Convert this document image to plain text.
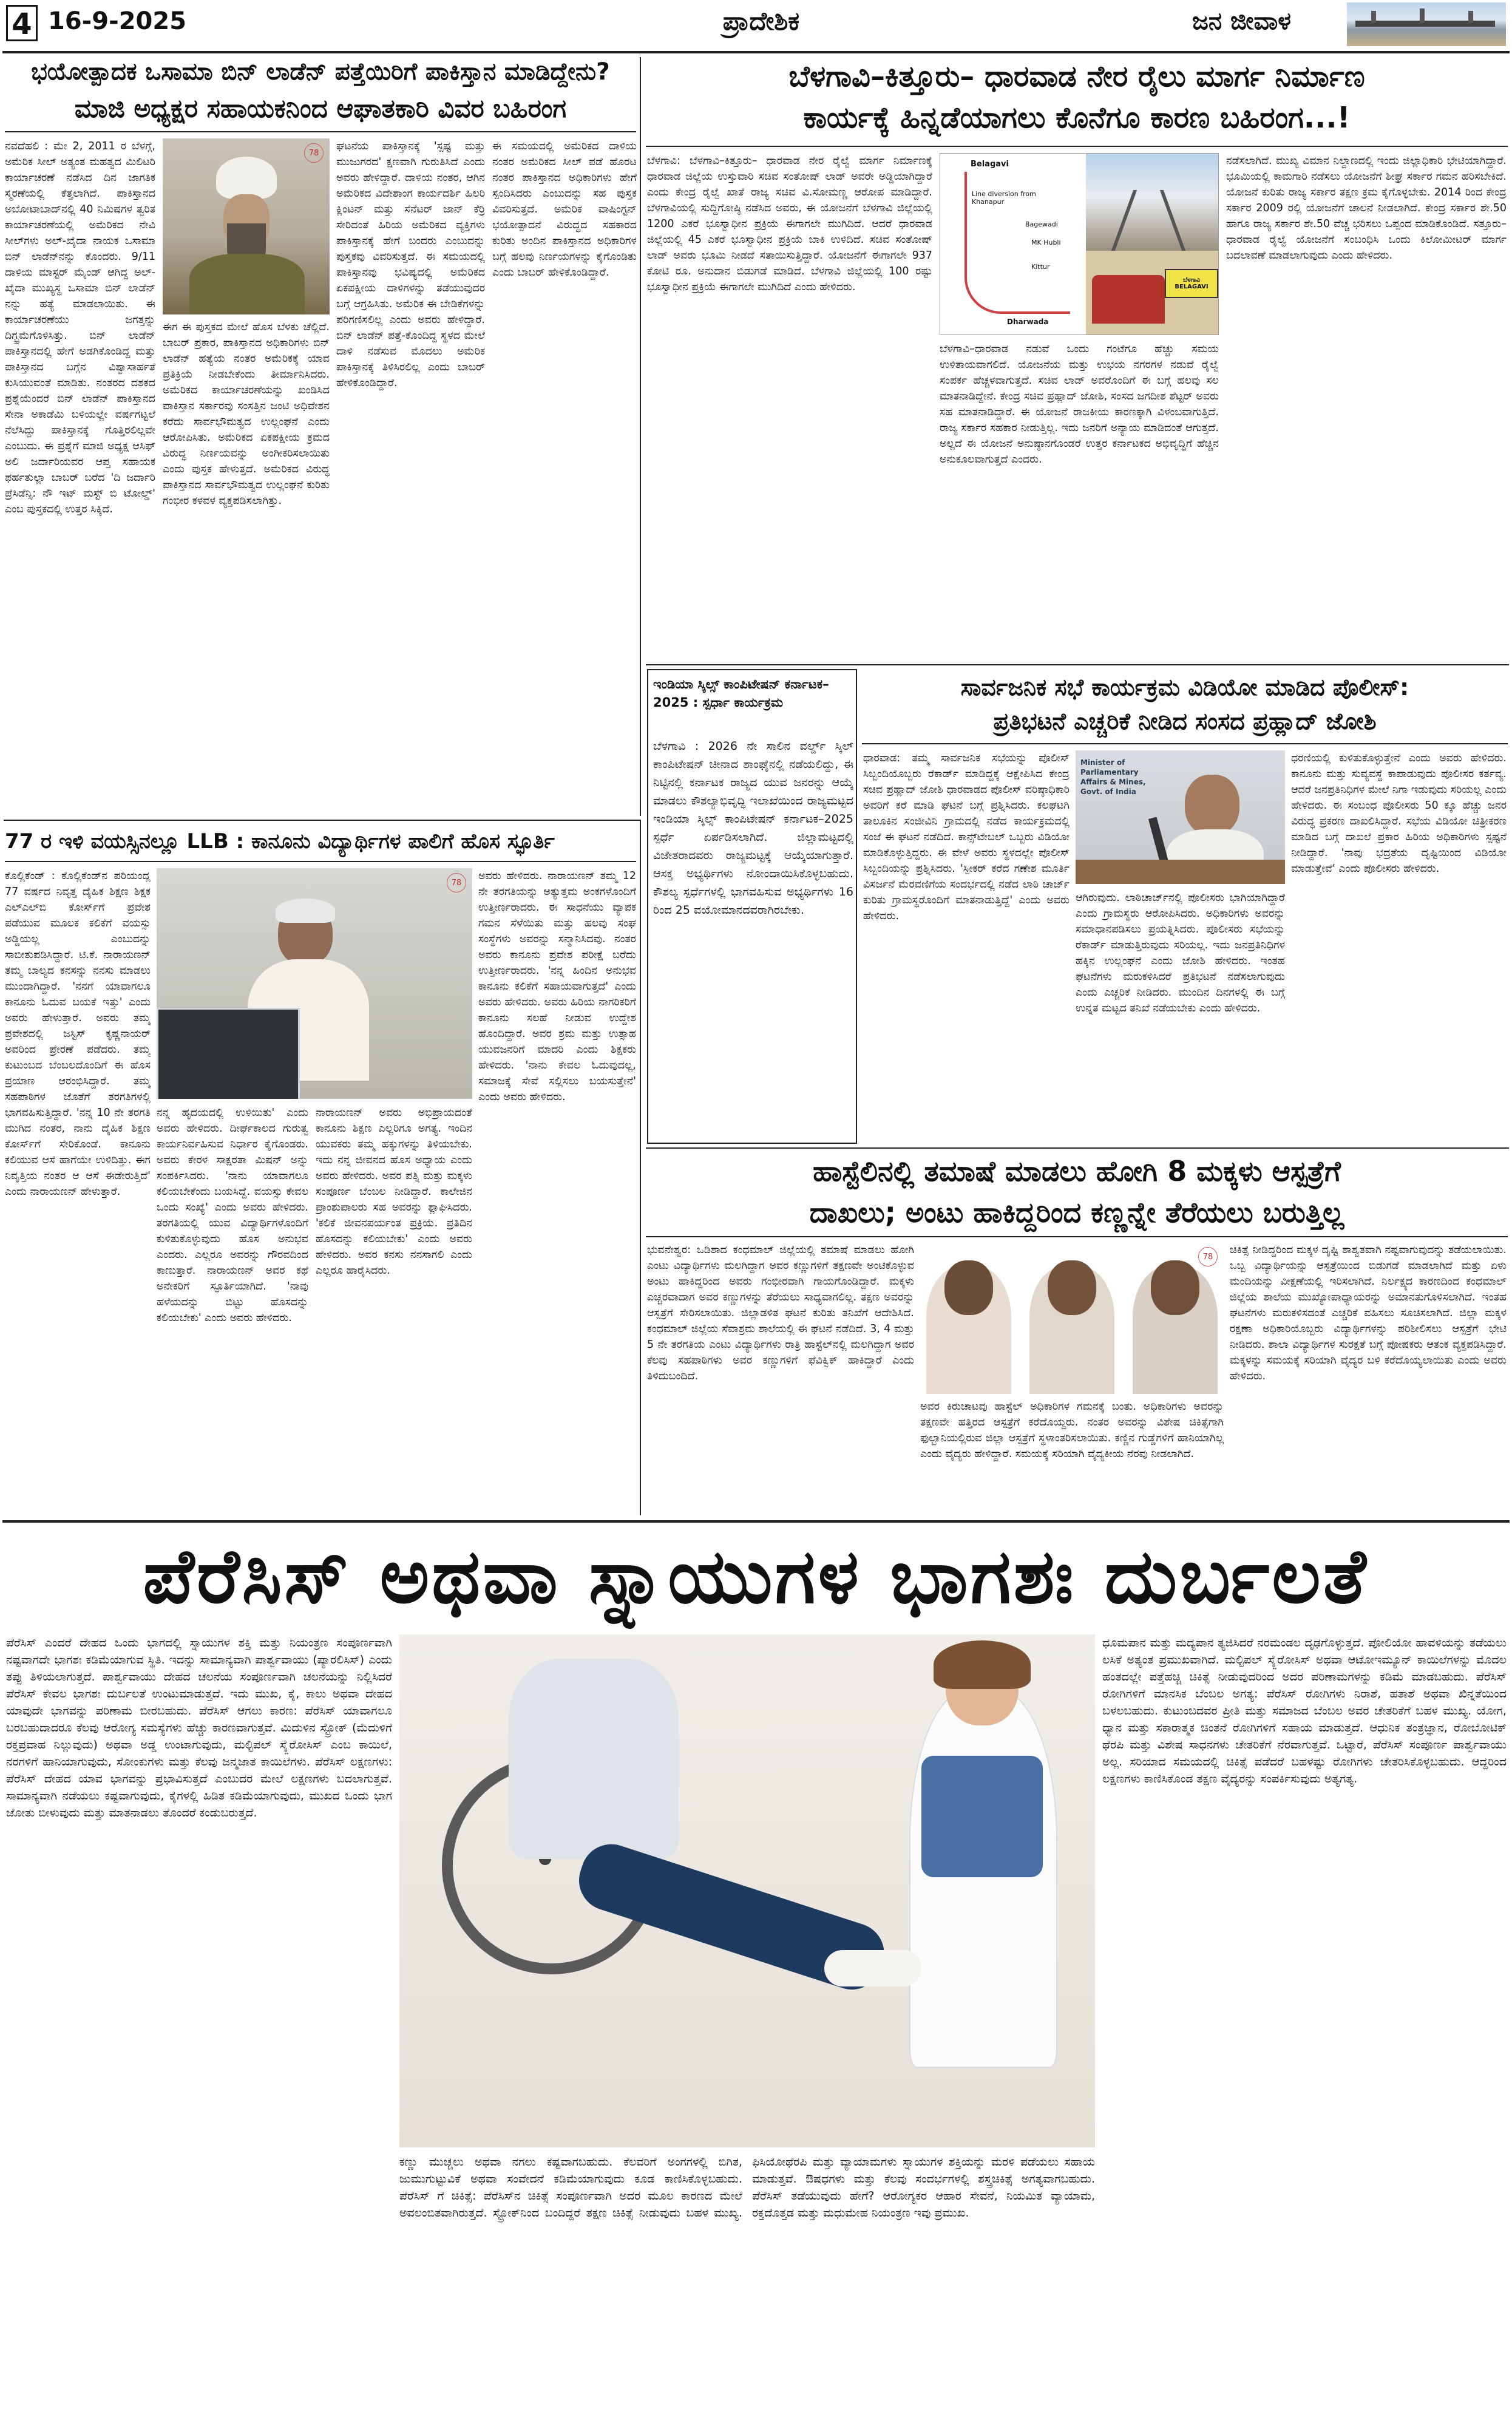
4 16-9-2025	ಪ್ರಾದೇಶಿಕ	ಜನ ಜೀವಾಳ
ಭಯೋತ್ಪಾದಕ ಒಸಾಮಾ ಬಿನ್ ಲಾಡೆನ್ ಪತ್ತೆಯಿರಿಗೆ ಪಾಕಿಸ್ತಾನ ಮಾಡಿದ್ದೇನು?
ಮಾಜಿ ಅಧ್ಯಕ್ಷರ ಸಹಾಯಕನಿಂದ ಆಘಾತಕಾರಿ ವಿವರ ಬಹಿರಂಗ
ನವದೆಹಲಿ : ಮೇ 2, 2011 ರ ಬೆಳಗ್ಗೆ, ಅಮೆರಿಕ ಸೀಲ್ ಅತ್ಯಂತ ಮಹತ್ವದ ಮಿಲಿಟರಿ ಕಾರ್ಯಾಚರಣೆ ನಡೆಸಿದ ದಿನ ಜಾಗತಿಕ ಸ್ಮರಣೆಯಲ್ಲಿ ಕೆತ್ತಲಾಗಿದೆ. ಪಾಕಿಸ್ತಾನದ ಅಬೋಟಾಬಾದ್‌ನಲ್ಲಿ 40 ನಿಮಿಷಗಳ ತ್ವರಿತ ಕಾರ್ಯಾಚರಣೆಯಲ್ಲಿ ಅಮೆರಿಕದ ನೇವಿ ಸೀಲ್‌ಗಳು ಅಲ್-ಖೈದಾ ನಾಯಕ ಒಸಾಮಾ ಬಿನ್ ಲಾಡೆನ್‌ನನ್ನು ಕೊಂದರು. 9/11 ದಾಳಿಯ ಮಾಸ್ಟರ್ ಮೈಂಡ್ ಆಗಿದ್ದ ಅಲ್-ಖೈದಾ ಮುಖ್ಯಸ್ಥ ಒಸಾಮಾ ಬಿನ್ ಲಾಡೆನ್ ನನ್ನು ಹತ್ಯೆ ಮಾಡಲಾಯಿತು. ಈ ಕಾರ್ಯಾಚರಣೆಯು ಜಗತ್ತನ್ನು ದಿಗ್ಭ್ರಮೆಗೊಳಿಸಿತ್ತು. ಬಿನ್ ಲಾಡೆನ್ ಪಾಕಿಸ್ತಾನದಲ್ಲಿ ಹೇಗೆ ಅಡಗಿಕೊಂಡಿದ್ದ ಮತ್ತು ಪಾಕಿಸ್ತಾನದ ಬಗ್ಗೆನ ವಿಶ್ವಾಸಾರ್ಹತೆ ಕುಸಿಯುವಂತೆ ಮಾಡಿತು. ನಂತರದ ದಶಕದ ಪ್ರಶ್ನೆಯೆಂದರೆ ಬಿನ್ ಲಾಡೆನ್ ಪಾಕಿಸ್ತಾನದ ಸೇನಾ ಅಕಾಡೆಮಿ ಬಳಿಯಲ್ಲೇ ವರ್ಷಗಟ್ಟಲೆ ನೆಲೆಸಿದ್ದು ಪಾಕಿಸ್ತಾನಕ್ಕೆ ಗೊತ್ತಿರಲಿಲ್ಲವೇ ಎಂಬುದು. ಈ ಪ್ರಶ್ನೆಗೆ ಮಾಜಿ ಅಧ್ಯಕ್ಷ ಆಸಿಫ್ ಅಲಿ ಜರ್ದಾರಿಯವರ ಆಪ್ತ ಸಹಾಯಕ ಫರ್ಹತುಲ್ಲಾ ಬಾಬರ್ ಬರೆದ 'ದಿ ಜರ್ದಾರಿ ಪ್ರೆಸಿಡೆನ್ಸಿ: ನೌ ಇಟ್ ಮಸ್ಟ್ ಬಿ ಟೋಲ್ಡ್' ಎಂಬ ಪುಸ್ತಕದಲ್ಲಿ ಉತ್ತರ ಸಿಕ್ಕಿದೆ.
78
ಘಟನೆಯ ಪಾಕಿಸ್ತಾನಕ್ಕೆ 'ಸ್ಪಷ್ಟ ಮತ್ತು ಮುಜುಗರದ' ಕ್ಷಣವಾಗಿ ಗುರುತಿಸಿದೆ ಎಂದು ಅವರು ಹೇಳಿದ್ದಾರೆ. ದಾಳಿಯ ನಂತರ, ಆಗಿನ ಅಮೆರಿಕದ ವಿದೇಶಾಂಗ ಕಾರ್ಯದರ್ಶಿ ಹಿಲರಿ ಕ್ಲಿಂಟನ್ ಮತ್ತು ಸೆನೆಟರ್ ಜಾನ್ ಕೆರ್ರಿ ಸೇರಿದಂತೆ ಹಿರಿಯ ಅಮೆರಿಕದ ವ್ಯಕ್ತಿಗಳು ಪಾಕಿಸ್ತಾನಕ್ಕೆ ಹೇಗೆ ಬಂದರು ಎಂಬುದನ್ನು ಪುಸ್ತಕವು ವಿವರಿಸುತ್ತದೆ. ಈ ಸಮಯದಲ್ಲಿ ಪಾಕಿಸ್ತಾನವು ಭವಿಷ್ಯದಲ್ಲಿ ಅಮೆರಿಕದ ಏಕಪಕ್ಷೀಯ ದಾಳಿಗಳನ್ನು ತಡೆಯುವುದರ ಬಗ್ಗೆ ಆಗ್ರಹಿಸಿತು. ಅಮೆರಿಕ ಈ ಬೇಡಿಕೆಗಳನ್ನು ಪರಿಗಣಿಸಲಿಲ್ಲ ಎಂದು ಅವರು ಹೇಳಿದ್ದಾರೆ. ಬಿನ್ ಲಾಡೆನ್ ಪತ್ತೆ-ಕೊಂದಿದ್ದ ಸ್ಥಳದ ಮೇಲೆ ದಾಳಿ ನಡೆಸುವ ಮೊದಲು ಅಮೆರಿಕ ಪಾಕಿಸ್ತಾನಕ್ಕೆ ತಿಳಿಸಿರಲಿಲ್ಲ ಎಂದು ಬಾಬರ್ ಹೇಳಿಕೊಂಡಿದ್ದಾರೆ.
ಈಗ ಈ ಪುಸ್ತಕದ ಮೇಲೆ ಹೊಸ ಬೆಳಕು ಚೆಲ್ಲಿದೆ. ಬಾಬರ್ ಪ್ರಕಾರ, ಪಾಕಿಸ್ತಾನದ ಅಧಿಕಾರಿಗಳು ಬಿನ್ ಲಾಡೆನ್ ಹತ್ಯೆಯ ನಂತರ ಅಮೆರಿಕಕ್ಕೆ ಯಾವ ಪ್ರತಿಕ್ರಿಯೆ ನೀಡಬೇಕೆಂದು ತೀರ್ಮಾನಿಸಿದರು. ಅಮೆರಿಕದ ಕಾರ್ಯಾಚರಣೆಯನ್ನು ಖಂಡಿಸಿದ ಪಾಕಿಸ್ತಾನ ಸರ್ಕಾರವು ಸಂಸತ್ತಿನ ಜಂಟಿ ಅಧಿವೇಶನ ಕರೆದು ಸಾರ್ವಭೌಮತ್ವದ ಉಲ್ಲಂಘನೆ ಎಂದು ಆರೋಪಿಸಿತು. ಅಮೆರಿಕದ ಏಕಪಕ್ಷೀಯ ಕ್ರಮದ ವಿರುದ್ಧ ನಿರ್ಣಯವನ್ನು ಅಂಗೀಕರಿಸಲಾಯಿತು ಎಂದು ಪುಸ್ತಕ ಹೇಳುತ್ತದೆ. ಅಮೆರಿಕದ ವಿರುದ್ಧ ಪಾಕಿಸ್ತಾನದ ಸಾರ್ವಭೌಮತ್ವದ ಉಲ್ಲಂಘನೆ ಕುರಿತು ಗಂಭೀರ ಕಳವಳ ವ್ಯಕ್ತಪಡಿಸಲಾಗಿತ್ತು.
ಈ ಸಮಯದಲ್ಲಿ ಅಮೆರಿಕದ ದಾಳಿಯ ನಂತರ ಅಮೆರಿಕದ ಸೀಲ್ ಪಡೆ ಹೊರಟ ನಂತರ ಪಾಕಿಸ್ತಾನದ ಅಧಿಕಾರಿಗಳು ಹೇಗೆ ಸ್ಪಂದಿಸಿದರು ಎಂಬುದನ್ನು ಸಹ ಪುಸ್ತಕ ವಿವರಿಸುತ್ತದೆ. ಅಮೆರಿಕ ವಾಷಿಂಗ್ಟನ್ ಭಯೋತ್ಪಾದನೆ ವಿರುದ್ಧದ ಸಹಕಾರದ ಕುರಿತು ಅಂದಿನ ಪಾಕಿಸ್ತಾನದ ಅಧಿಕಾರಿಗಳ ಬಗ್ಗೆ ಹಲವು ನಿರ್ಣಯಗಳನ್ನು ಕೈಗೊಂಡಿತು ಎಂದು ಬಾಬರ್ ಹೇಳಿಕೊಂಡಿದ್ದಾರೆ.
ಬೆಳಗಾವಿ–ಕಿತ್ತೂರು– ಧಾರವಾಡ ನೇರ ರೈಲು ಮಾರ್ಗ ನಿರ್ಮಾಣ
ಕಾರ್ಯಕ್ಕೆ ಹಿನ್ನಡೆಯಾಗಲು ಕೊನೆಗೂ ಕಾರಣ ಬಹಿರಂಗ...!
ಬೆಳಗಾವಿ: ಬೆಳಗಾವಿ–ಕಿತ್ತೂರು– ಧಾರವಾಡ ನೇರ ರೈಲ್ವೆ ಮಾರ್ಗ ನಿರ್ಮಾಣಕ್ಕೆ ಧಾರವಾಡ ಜಿಲ್ಲೆಯ ಉಸ್ತುವಾರಿ ಸಚಿವ ಸಂತೋಷ್ ಲಾಡ್ ಅವರೇ ಅಡ್ಡಿಯಾಗಿದ್ದಾರೆ ಎಂದು ಕೇಂದ್ರ ರೈಲ್ವೆ ಖಾತೆ ರಾಜ್ಯ ಸಚಿವ ವಿ.ಸೋಮಣ್ಣ ಆರೋಪ ಮಾಡಿದ್ದಾರೆ. ಬೆಳಗಾವಿಯಲ್ಲಿ ಸುದ್ದಿಗೋಷ್ಠಿ ನಡೆಸಿದ ಅವರು, ಈ ಯೋಜನೆಗೆ ಬೆಳಗಾವಿ ಜಿಲ್ಲೆಯಲ್ಲಿ 1200 ಎಕರೆ ಭೂಸ್ವಾಧೀನ ಪ್ರಕ್ರಿಯೆ ಈಗಾಗಲೇ ಮುಗಿದಿದೆ. ಆದರೆ ಧಾರವಾಡ ಜಿಲ್ಲೆಯಲ್ಲಿ 45 ಎಕರೆ ಭೂಸ್ವಾಧೀನ ಪ್ರಕ್ರಿಯೆ ಬಾಕಿ ಉಳಿದಿದೆ. ಸಚಿವ ಸಂತೋಷ್ ಲಾಡ್ ಅವರು ಭೂಮಿ ನೀಡದೆ ಸತಾಯಿಸುತ್ತಿದ್ದಾರೆ. ಯೋಜನೆಗೆ ಈಗಾಗಲೇ 937 ಕೋಟಿ ರೂ. ಅನುದಾನ ಬಿಡುಗಡೆ ಮಾಡಿದೆ. ಬೆಳಗಾವಿ ಜಿಲ್ಲೆಯಲ್ಲಿ 100 ರಷ್ಟು ಭೂಸ್ವಾಧೀನ ಪ್ರಕ್ರಿಯೆ ಈಗಾಗಲೇ ಮುಗಿದಿದೆ ಎಂದು ಹೇಳಿದರು.
Belagavi
Line diversion from Khanapur
Bagewadi
MK Hubli
Kittur
Dharwada
ಬೆಳಗಾವಿ BELAGAVI
ಬೆಳಗಾವಿ–ಧಾರವಾಡ ನಡುವೆ ಒಂದು ಗಂಟೆಗೂ ಹೆಚ್ಚು ಸಮಯ ಉಳಿತಾಯವಾಗಲಿದೆ. ಯೋಜನೆಯ ಮತ್ತು ಉಭಯ ನಗರಗಳ ನಡುವೆ ರೈಲ್ವೆ ಸಂಪರ್ಕ ಹೆಚ್ಚಳವಾಗುತ್ತದೆ. ಸಚಿವ ಲಾಡ್ ಅವರೊಂದಿಗೆ ಈ ಬಗ್ಗೆ ಹಲವು ಸಲ ಮಾತನಾಡಿದ್ದೇನೆ. ಕೇಂದ್ರ ಸಚಿವ ಪ್ರಹ್ಲಾದ್ ಜೋಶಿ, ಸಂಸದ ಜಗದೀಶ ಶೆಟ್ಟರ್ ಅವರು ಸಹ ಮಾತನಾಡಿದ್ದಾರೆ. ಈ ಯೋಜನೆ ರಾಜಕೀಯ ಕಾರಣಕ್ಕಾಗಿ ವಿಳಂಬವಾಗುತ್ತಿದೆ. ರಾಜ್ಯ ಸರ್ಕಾರ ಸಹಕಾರ ನೀಡುತ್ತಿಲ್ಲ. ಇದು ಜನರಿಗೆ ಅನ್ಯಾಯ ಮಾಡಿದಂತೆ ಆಗುತ್ತದೆ. ಅಲ್ಲದೆ ಈ ಯೋಜನೆ ಅನುಷ್ಠಾನಗೊಂಡರೆ ಉತ್ತರ ಕರ್ನಾಟಕದ ಅಭಿವೃದ್ಧಿಗೆ ಹೆಚ್ಚಿನ ಅನುಕೂಲವಾಗುತ್ತದೆ ಎಂದರು.
ನಡೆಸಲಾಗಿದೆ. ಮುಖ್ಯ ವಿಮಾನ ನಿಲ್ದಾಣದಲ್ಲಿ ಇಂದು ಜಿಲ್ಲಾಧಿಕಾರಿ ಭೇಟಿಯಾಗಿದ್ದಾರೆ. ಭೂಮಿಯಲ್ಲಿ ಕಾಮಗಾರಿ ನಡೆಸಲು ಯೋಜನೆಗೆ ಶೀಘ್ರ ಸರ್ಕಾರ ಗಮನ ಹರಿಸಬೇಕಿದೆ. ಯೋಜನೆ ಕುರಿತು ರಾಜ್ಯ ಸರ್ಕಾರ ತಕ್ಷಣ ಕ್ರಮ ಕೈಗೊಳ್ಳಬೇಕು. 2014 ರಿಂದ ಕೇಂದ್ರ ಸರ್ಕಾರ 2009 ರಲ್ಲಿ ಯೋಜನೆಗೆ ಚಾಲನೆ ನೀಡಲಾಗಿದೆ. ಕೇಂದ್ರ ಸರ್ಕಾರ ಶೇ.50 ಹಾಗೂ ರಾಜ್ಯ ಸರ್ಕಾರ ಶೇ.50 ವೆಚ್ಚ ಭರಿಸಲು ಒಪ್ಪಂದ ಮಾಡಿಕೊಂಡಿದೆ. ಸತ್ತೂರು–ಧಾರವಾಡ ರೈಲ್ವೆ ಯೋಜನೆಗೆ ಸಂಬಂಧಿಸಿ ಒಂದು ಕಿಲೋಮೀಟರ್ ಮಾರ್ಗ ಬದಲಾವಣೆ ಮಾಡಲಾಗುವುದು ಎಂದು ಹೇಳಿದರು.
77 ರ ಇಳಿ ವಯಸ್ಸಿನಲ್ಲೂ LLB : ಕಾನೂನು ವಿದ್ಯಾರ್ಥಿಗಳ ಪಾಲಿಗೆ ಹೊಸ ಸ್ಫೂರ್ತಿ
ಕೊಲ್ಲಿಕೆಂಡ್ : ಕೊಲ್ಲಿಕೆಂಡ್‌ನ ಪರಿಯಂದ್ಲ 77 ವರ್ಷದ ನಿವೃತ್ತ ದೈಹಿಕ ಶಿಕ್ಷಣ ಶಿಕ್ಷಕ ಎಲ್‌ಎಲ್‌ಬಿ ಕೋರ್ಸ್‌ಗೆ ಪ್ರವೇಶ ಪಡೆಯುವ ಮೂಲಕ ಕಲಿಕೆಗೆ ವಯಸ್ಸು ಅಡ್ಡಿಯಲ್ಲ ಎಂಬುದನ್ನು ಸಾಬೀತುಪಡಿಸಿದ್ದಾರೆ. ಟಿ.ಕೆ. ನಾರಾಯಣನ್ ತಮ್ಮ ಬಾಲ್ಯದ ಕನಸನ್ನು ನನಸು ಮಾಡಲು ಮುಂದಾಗಿದ್ದಾರೆ. 'ನನಗೆ ಯಾವಾಗಲೂ ಕಾನೂನು ಓದುವ ಬಯಕೆ ಇತ್ತು' ಎಂದು ಅವರು ಹೇಳುತ್ತಾರೆ. ಅವರು ತಮ್ಮ ಪ್ರವೇಶದಲ್ಲಿ ಜಸ್ಟಿಸ್ ಕೃಷ್ಣನಾಯರ್ ಅವರಿಂದ ಪ್ರೇರಣೆ ಪಡೆದರು. ತಮ್ಮ ಕುಟುಂಬದ ಬೆಂಬಲದೊಂದಿಗೆ ಈ ಹೊಸ ಪ್ರಯಾಣ ಆರಂಭಿಸಿದ್ದಾರೆ. ತಮ್ಮ ಸಹಪಾಠಿಗಳ ಜೊತೆಗೆ ತರಗತಿಗಳಲ್ಲಿ ಭಾಗವಹಿಸುತ್ತಿದ್ದಾರೆ. 'ನನ್ನ 10 ನೇ ತರಗತಿ ಮುಗಿದ ನಂತರ, ನಾನು ದೈಹಿಕ ಶಿಕ್ಷಣ ಕೋರ್ಸ್‌ಗೆ ಸೇರಿಕೊಂಡೆ. ಕಾನೂನು ಕಲಿಯುವ ಆಸೆ ಹಾಗೆಯೇ ಉಳಿದಿತ್ತು. ಈಗ ನಿವೃತ್ತಿಯ ನಂತರ ಆ ಆಸೆ ಈಡೇರುತ್ತಿದೆ' ಎಂದು ನಾರಾಯಣನ್ ಹೇಳುತ್ತಾರೆ.
78
ನನ್ನ ಹೃದಯದಲ್ಲಿ ಉಳಿಯಿತು' ಎಂದು ಅವರು ಹೇಳಿದರು. ದೀರ್ಘಕಾಲದ ಗುರುತ್ವ ಕಾರ್ಯನಿರ್ವಹಿಸುವ ನಿರ್ಧಾರ ಕೈಗೊಂಡರು. ಅವರು ಕೇರಳ ಸಾಕ್ಷರತಾ ಮಿಷನ್ ಅನ್ನು ಸಂಪರ್ಕಿಸಿದರು. 'ನಾನು ಯಾವಾಗಲೂ ಕಲಿಯಬೇಕೆಂದು ಬಯಸಿದ್ದೆ. ವಯಸ್ಸು ಕೇವಲ ಒಂದು ಸಂಖ್ಯೆ' ಎಂದು ಅವರು ಹೇಳಿದರು. ತರಗತಿಯಲ್ಲಿ ಯುವ ವಿದ್ಯಾರ್ಥಿಗಳೊಂದಿಗೆ ಕುಳಿತುಕೊಳ್ಳುವುದು ಹೊಸ ಅನುಭವ ಎಂದರು. ಎಲ್ಲರೂ ಅವರನ್ನು ಗೌರವದಿಂದ ಕಾಣುತ್ತಾರೆ. ನಾರಾಯಣನ್ ಅವರ ಕಥೆ ಅನೇಕರಿಗೆ ಸ್ಫೂರ್ತಿಯಾಗಿದೆ. 'ನಾವು ಹಳೆಯದನ್ನು ಬಿಟ್ಟು ಹೊಸದನ್ನು ಕಲಿಯಬೇಕು' ಎಂದು ಅವರು ಹೇಳಿದರು.
ಅವರು ಹೇಳಿದರು. ನಾರಾಯಣನ್ ತಮ್ಮ 12 ನೇ ತರಗತಿಯನ್ನು ಅತ್ಯುತ್ತಮ ಅಂಕಗಳೊಂದಿಗೆ ಉತ್ತೀರ್ಣರಾದರು. ಈ ಸಾಧನೆಯು ವ್ಯಾಪಕ ಗಮನ ಸೆಳೆಯಿತು ಮತ್ತು ಹಲವು ಸಂಘ ಸಂಸ್ಥೆಗಳು ಅವರನ್ನು ಸನ್ಮಾನಿಸಿದವು. ನಂತರ ಅವರು ಕಾನೂನು ಪ್ರವೇಶ ಪರೀಕ್ಷೆ ಬರೆದು ಉತ್ತೀರ್ಣರಾದರು. 'ನನ್ನ ಹಿಂದಿನ ಅನುಭವ ಕಾನೂನು ಕಲಿಕೆಗೆ ಸಹಾಯವಾಗುತ್ತದೆ' ಎಂದು ಅವರು ಹೇಳಿದರು. ಅವರು ಹಿರಿಯ ನಾಗರಿಕರಿಗೆ ಕಾನೂನು ಸಲಹೆ ನೀಡುವ ಉದ್ದೇಶ ಹೊಂದಿದ್ದಾರೆ. ಅವರ ಶ್ರಮ ಮತ್ತು ಉತ್ಸಾಹ ಯುವಜನರಿಗೆ ಮಾದರಿ ಎಂದು ಶಿಕ್ಷಕರು ಹೇಳಿದರು. 'ನಾನು ಕೇವಲ ಓದುವುದಲ್ಲ, ಸಮಾಜಕ್ಕೆ ಸೇವೆ ಸಲ್ಲಿಸಲು ಬಯಸುತ್ತೇನೆ' ಎಂದು ಅವರು ಹೇಳಿದರು.
ನಾರಾಯಣನ್ ಅವರು ಅಭಿಪ್ರಾಯದಂತೆ ಕಾನೂನು ಶಿಕ್ಷಣ ಎಲ್ಲರಿಗೂ ಅಗತ್ಯ. ಇಂದಿನ ಯುವಕರು ತಮ್ಮ ಹಕ್ಕುಗಳನ್ನು ತಿಳಿಯಬೇಕು. ಇದು ನನ್ನ ಜೀವನದ ಹೊಸ ಅಧ್ಯಾಯ ಎಂದು ಅವರು ಹೇಳಿದರು. ಅವರ ಪತ್ನಿ ಮತ್ತು ಮಕ್ಕಳು ಸಂಪೂರ್ಣ ಬೆಂಬಲ ನೀಡಿದ್ದಾರೆ. ಕಾಲೇಜಿನ ಪ್ರಾಂಶುಪಾಲರು ಸಹ ಅವರನ್ನು ಶ್ಲಾಘಿಸಿದರು. 'ಕಲಿಕೆ ಜೀವನಪರ್ಯಂತ ಪ್ರಕ್ರಿಯೆ. ಪ್ರತಿದಿನ ಹೊಸದನ್ನು ಕಲಿಯಬೇಕು' ಎಂದು ಅವರು ಹೇಳಿದರು. ಅವರ ಕನಸು ನನಸಾಗಲಿ ಎಂದು ಎಲ್ಲರೂ ಹಾರೈಸಿದರು.
ಇಂಡಿಯಾ ಸ್ಕಿಲ್ಸ್ ಕಾಂಪಿಟೇಷನ್ ಕರ್ನಾಟಕ–2025 : ಸ್ಪರ್ಧಾ ಕಾರ್ಯಕ್ರಮ
ಬೆಳಗಾವಿ : 2026 ನೇ ಸಾಲಿನ ವರ್ಲ್ಡ್ ಸ್ಕಿಲ್ ಕಾಂಪಿಟೇಷನ್ ಚೀನಾದ ಶಾಂಘೈನಲ್ಲಿ ನಡೆಯಲಿದ್ದು, ಈ ನಿಟ್ಟಿನಲ್ಲಿ ಕರ್ನಾಟಕ ರಾಜ್ಯದ ಯುವ ಜನರನ್ನು ಆಯ್ಕೆ ಮಾಡಲು ಕೌಶಲ್ಯಾಭಿವೃದ್ಧಿ ಇಲಾಖೆಯಿಂದ ರಾಜ್ಯಮಟ್ಟದ ಇಂಡಿಯಾ ಸ್ಕಿಲ್ಸ್ ಕಾಂಪಿಟೇಷನ್ ಕರ್ನಾಟಕ–2025 ಸ್ಪರ್ಧೆ ಏರ್ಪಡಿಸಲಾಗಿದೆ. ಜಿಲ್ಲಾಮಟ್ಟದಲ್ಲಿ ವಿಜೇತರಾದವರು ರಾಜ್ಯಮಟ್ಟಕ್ಕೆ ಆಯ್ಕೆಯಾಗುತ್ತಾರೆ. ಆಸಕ್ತ ಅಭ್ಯರ್ಥಿಗಳು ನೋಂದಾಯಿಸಿಕೊಳ್ಳಬಹುದು. ಕೌಶಲ್ಯ ಸ್ಪರ್ಧೆಗಳಲ್ಲಿ ಭಾಗವಹಿಸುವ ಅಭ್ಯರ್ಥಿಗಳು 16 ರಿಂದ 25 ವಯೋಮಾನದವರಾಗಿರಬೇಕು.
ಸಾರ್ವಜನಿಕ ಸಭೆ ಕಾರ್ಯಕ್ರಮ ವಿಡಿಯೋ ಮಾಡಿದ ಪೊಲೀಸ್:
ಪ್ರತಿಭಟನೆ ಎಚ್ಚರಿಕೆ ನೀಡಿದ ಸಂಸದ ಪ್ರಹ್ಲಾದ್ ಜೋಶಿ
ಧಾರವಾಡ: ತಮ್ಮ ಸಾರ್ವಜನಿಕ ಸಭೆಯನ್ನು ಪೊಲೀಸ್ ಸಿಬ್ಬಂದಿಯೊಬ್ಬರು ರೆಕಾರ್ಡ್ ಮಾಡಿದ್ದಕ್ಕೆ ಆಕ್ಷೇಪಿಸಿದ ಕೇಂದ್ರ ಸಚಿವ ಪ್ರಹ್ಲಾದ್ ಜೋಶಿ ಧಾರವಾಡದ ಪೊಲೀಸ್ ವರಿಷ್ಠಾಧಿಕಾರಿ ಅವರಿಗೆ ಕರೆ ಮಾಡಿ ಘಟನೆ ಬಗ್ಗೆ ಪ್ರಶ್ನಿಸಿದರು. ಕಲಘಟಗಿ ತಾಲೂಕಿನ ಸಂಜೀವಿನಿ ಗ್ರಾಮದಲ್ಲಿ ನಡೆದ ಕಾರ್ಯಕ್ರಮದಲ್ಲಿ ಸಂಜೆ ಈ ಘಟನೆ ನಡೆದಿದೆ. ಕಾನ್ಸ್‌ಟೇಬಲ್ ಒಬ್ಬರು ವಿಡಿಯೋ ಮಾಡಿಕೊಳ್ಳುತ್ತಿದ್ದರು. ಈ ವೇಳೆ ಅವರು ಸ್ಥಳದಲ್ಲೇ ಪೊಲೀಸ್ ಸಿಬ್ಬಂದಿಯನ್ನು ಪ್ರಶ್ನಿಸಿದರು. 'ಸ್ಪೀಕರ್ ಕರೆದ ಗಣೇಶ ಮೂರ್ತಿ ವಿಸರ್ಜನೆ ಮೆರವಣಿಗೆಯ ಸಂದರ್ಭದಲ್ಲಿ ನಡೆದ ಲಾಠಿ ಚಾರ್ಜ್ ಕುರಿತು ಗ್ರಾಮಸ್ಥರೊಂದಿಗೆ ಮಾತನಾಡುತ್ತಿದ್ದೆ' ಎಂದು ಅವರು ಹೇಳಿದರು.
Minister of Parliamentary Affairs & Mines, Govt. of India
ಆಗಿರುವುದು. ಲಾಠಿಚಾರ್ಜ್‌ನಲ್ಲಿ ಪೊಲೀಸರು ಭಾಗಿಯಾಗಿದ್ದಾರೆ ಎಂದು ಗ್ರಾಮಸ್ಥರು ಆರೋಪಿಸಿದರು. ಅಧಿಕಾರಿಗಳು ಅವರನ್ನು ಸಮಾಧಾನಪಡಿಸಲು ಪ್ರಯತ್ನಿಸಿದರು. ಪೊಲೀಸರು ಸಭೆಯನ್ನು ರೆಕಾರ್ಡ್ ಮಾಡುತ್ತಿರುವುದು ಸರಿಯಲ್ಲ. ಇದು ಜನಪ್ರತಿನಿಧಿಗಳ ಹಕ್ಕಿನ ಉಲ್ಲಂಘನೆ ಎಂದು ಜೋಶಿ ಹೇಳಿದರು. ಇಂತಹ ಘಟನೆಗಳು ಮರುಕಳಿಸಿದರೆ ಪ್ರತಿಭಟನೆ ನಡೆಸಲಾಗುವುದು ಎಂದು ಎಚ್ಚರಿಕೆ ನೀಡಿದರು. ಮುಂದಿನ ದಿನಗಳಲ್ಲಿ ಈ ಬಗ್ಗೆ ಉನ್ನತ ಮಟ್ಟದ ತನಿಖೆ ನಡೆಯಬೇಕು ಎಂದು ಹೇಳಿದರು.
ಧರಣಿಯಲ್ಲಿ ಕುಳಿತುಕೊಳ್ಳುತ್ತೇನೆ ಎಂದು ಅವರು ಹೇಳಿದರು. ಕಾನೂನು ಮತ್ತು ಸುವ್ಯವಸ್ಥೆ ಕಾಪಾಡುವುದು ಪೊಲೀಸರ ಕರ್ತವ್ಯ. ಆದರೆ ಜನಪ್ರತಿನಿಧಿಗಳ ಮೇಲೆ ನಿಗಾ ಇಡುವುದು ಸರಿಯಲ್ಲ ಎಂದು ಹೇಳಿದರು. ಈ ಸಂಬಂಧ ಪೊಲೀಸರು 50 ಕ್ಕೂ ಹೆಚ್ಚು ಜನರ ವಿರುದ್ಧ ಪ್ರಕರಣ ದಾಖಲಿಸಿದ್ದಾರೆ. ಸಭೆಯ ವಿಡಿಯೋ ಚಿತ್ರೀಕರಣ ಮಾಡಿದ ಬಗ್ಗೆ ದಾಖಲೆ ಪ್ರಕಾರ ಹಿರಿಯ ಅಧಿಕಾರಿಗಳು ಸ್ಪಷ್ಟನೆ ನೀಡಿದ್ದಾರೆ. 'ನಾವು ಭದ್ರತೆಯ ದೃಷ್ಟಿಯಿಂದ ವಿಡಿಯೋ ಮಾಡುತ್ತೇವೆ' ಎಂದು ಪೊಲೀಸರು ಹೇಳಿದರು.
ಹಾಸ್ಟೆಲಿನಲ್ಲಿ ತಮಾಷೆ ಮಾಡಲು ಹೋಗಿ 8 ಮಕ್ಕಳು ಆಸ್ಪತ್ರೆಗೆ
ದಾಖಲು; ಅಂಟು ಹಾಕಿದ್ದರಿಂದ ಕಣ್ಣನ್ನೇ ತೆರೆಯಲು ಬರುತ್ತಿಲ್ಲ
ಭುವನೇಶ್ವರ: ಒಡಿಶಾದ ಕಂಧಮಾಲ್ ಜಿಲ್ಲೆಯಲ್ಲಿ ತಮಾಷೆ ಮಾಡಲು ಹೋಗಿ ಎಂಟು ವಿದ್ಯಾರ್ಥಿಗಳು ಮಲಗಿದ್ದಾಗ ಅವರ ಕಣ್ಣುಗಳಿಗೆ ತಕ್ಷಣವೇ ಅಂಟಿಕೊಳ್ಳುವ ಅಂಟು ಹಾಕಿದ್ದರಿಂದ ಅವರು ಗಂಭೀರವಾಗಿ ಗಾಯಗೊಂಡಿದ್ದಾರೆ. ಮಕ್ಕಳು ಎಚ್ಚರವಾದಾಗ ಅವರ ಕಣ್ಣುಗಳನ್ನು ತೆರೆಯಲು ಸಾಧ್ಯವಾಗಲಿಲ್ಲ. ತಕ್ಷಣ ಅವರನ್ನು ಆಸ್ಪತ್ರೆಗೆ ಸೇರಿಸಲಾಯಿತು. ಜಿಲ್ಲಾಡಳಿತ ಘಟನೆ ಕುರಿತು ತನಿಖೆಗೆ ಆದೇಶಿಸಿದೆ. ಕಂಧಮಾಲ್ ಜಿಲ್ಲೆಯ ಸೆವಾಶ್ರಮ ಶಾಲೆಯಲ್ಲಿ ಈ ಘಟನೆ ನಡೆದಿದೆ. 3, 4 ಮತ್ತು 5 ನೇ ತರಗತಿಯ ಎಂಟು ವಿದ್ಯಾರ್ಥಿಗಳು ರಾತ್ರಿ ಹಾಸ್ಟೆಲ್‌ನಲ್ಲಿ ಮಲಗಿದ್ದಾಗ ಅವರ ಕೆಲವು ಸಹಪಾಠಿಗಳು ಅವರ ಕಣ್ಣುಗಳಿಗೆ ಫೆವಿಕ್ವಿಕ್ ಹಾಕಿದ್ದಾರೆ ಎಂದು ತಿಳಿದುಬಂದಿದೆ.
78
ಅವರ ಕಿರುಚಾಟವು ಹಾಸ್ಟೆಲ್ ಅಧಿಕಾರಿಗಳ ಗಮನಕ್ಕೆ ಬಂತು. ಅಧಿಕಾರಿಗಳು ಅವರನ್ನು ತಕ್ಷಣವೇ ಹತ್ತಿರದ ಆಸ್ಪತ್ರೆಗೆ ಕರೆದೊಯ್ದರು. ನಂತರ ಅವರನ್ನು ವಿಶೇಷ ಚಿಕಿತ್ಸೆಗಾಗಿ ಫುಲ್ಬಾನಿಯಲ್ಲಿರುವ ಜಿಲ್ಲಾ ಆಸ್ಪತ್ರೆಗೆ ಸ್ಥಳಾಂತರಿಸಲಾಯಿತು. ಕಣ್ಣಿನ ಗುಡ್ಡೆಗಳಿಗೆ ಹಾನಿಯಾಗಿಲ್ಲ ಎಂದು ವೈದ್ಯರು ಹೇಳಿದ್ದಾರೆ. ಸಮಯಕ್ಕೆ ಸರಿಯಾಗಿ ವೈದ್ಯಕೀಯ ನೆರವು ನೀಡಲಾಗಿದೆ.
ಚಿಕಿತ್ಸೆ ನೀಡಿದ್ದರಿಂದ ಮಕ್ಕಳ ದೃಷ್ಟಿ ಶಾಶ್ವತವಾಗಿ ನಷ್ಟವಾಗುವುದನ್ನು ತಡೆಯಲಾಯಿತು. ಒಬ್ಬ ವಿದ್ಯಾರ್ಥಿಯನ್ನು ಆಸ್ಪತ್ರೆಯಿಂದ ಬಿಡುಗಡೆ ಮಾಡಲಾಗಿದೆ ಮತ್ತು ಏಳು ಮಂದಿಯನ್ನು ವೀಕ್ಷಣೆಯಲ್ಲಿ ಇರಿಸಲಾಗಿದೆ. ನಿರ್ಲಕ್ಷ್ಯದ ಕಾರಣದಿಂದ ಕಂಧಮಾಲ್ ಜಿಲ್ಲೆಯ ಶಾಲೆಯ ಮುಖ್ಯೋಪಾಧ್ಯಾಯರನ್ನು ಅಮಾನತುಗೊಳಿಸಲಾಗಿದೆ. ಇಂತಹ ಘಟನೆಗಳು ಮರುಕಳಿಸದಂತೆ ಎಚ್ಚರಿಕೆ ವಹಿಸಲು ಸೂಚಿಸಲಾಗಿದೆ. ಜಿಲ್ಲಾ ಮಕ್ಕಳ ರಕ್ಷಣಾ ಅಧಿಕಾರಿಯೊಬ್ಬರು ವಿದ್ಯಾರ್ಥಿಗಳನ್ನು ಪರಿಶೀಲಿಸಲು ಆಸ್ಪತ್ರೆಗೆ ಭೇಟಿ ನೀಡಿದರು. ಶಾಲಾ ವಿದ್ಯಾರ್ಥಿಗಳ ಸುರಕ್ಷತೆ ಬಗ್ಗೆ ಪೋಷಕರು ಆತಂಕ ವ್ಯಕ್ತಪಡಿಸಿದ್ದಾರೆ. ಮಕ್ಕಳನ್ನು ಸಮಯಕ್ಕೆ ಸರಿಯಾಗಿ ವೈದ್ಯರ ಬಳಿ ಕರೆದೊಯ್ಯಲಾಯಿತು ಎಂದು ಅವರು ಹೇಳಿದರು.
ಪೆರೆಸಿಸ್ ಅಥವಾ ಸ್ನಾಯುಗಳ ಭಾಗಶಃ ದುರ್ಬಲತೆ
ಪೆರೆಸಿಸ್ ಎಂದರೆ ದೇಹದ ಒಂದು ಭಾಗದಲ್ಲಿ ಸ್ನಾಯುಗಳ ಶಕ್ತಿ ಮತ್ತು ನಿಯಂತ್ರಣ ಸಂಪೂರ್ಣವಾಗಿ ನಷ್ಟವಾಗದೇ ಭಾಗಶಃ ಕಡಿಮೆಯಾಗುವ ಸ್ಥಿತಿ. ಇದನ್ನು ಸಾಮಾನ್ಯವಾಗಿ ಪಾರ್ಶ್ವವಾಯು (ಪ್ಯಾರಲಿಸಿಸ್) ಎಂದು ತಪ್ಪು ತಿಳಿಯಲಾಗುತ್ತದೆ. ಪಾರ್ಶ್ವವಾಯು ದೇಹದ ಚಲನೆಯ ಸಂಪೂರ್ಣವಾಗಿ ಚಲನೆಯನ್ನು ನಿಲ್ಲಿಸಿದರೆ ಪೆರೆಸಿಸ್ ಕೇವಲ ಭಾಗಶಃ ದುರ್ಬಲತೆ ಉಂಟುಮಾಡುತ್ತದೆ. ಇದು ಮುಖ, ಕೈ, ಕಾಲು ಅಥವಾ ದೇಹದ ಯಾವುದೇ ಭಾಗವನ್ನು ಪರಿಣಾಮ ಬೀರಬಹುದು. ಪೆರೆಸಿಸ್ ಆಗಲು ಕಾರಣ: ಪೆರೆಸಿಸ್ ಯಾವಾಗಲೂ ಬರಬಹುದಾದರೂ ಕೆಲವು ಆರೋಗ್ಯ ಸಮಸ್ಯೆಗಳು ಹೆಚ್ಚು ಕಾರಣವಾಗುತ್ತವೆ. ಮಿದುಳಿನ ಸ್ಟ್ರೋಕ್ (ಮೆದುಳಿಗೆ ರಕ್ತಪ್ರವಾಹ ನಿಲ್ಲುವುದು) ಅಥವಾ ಅಡ್ಡ ಉಂಟಾಗುವುದು, ಮಲ್ಟಿಪಲ್ ಸ್ಕ್ಲೆರೋಸಿಸ್ ಎಂಬ ಕಾಯಿಲೆ, ನರಗಳಿಗೆ ಹಾನಿಯಾಗುವುದು, ಸೋಂಕುಗಳು ಮತ್ತು ಕೆಲವು ಜನ್ಮಜಾತ ಕಾಯಿಲೆಗಳು. ಪೆರೆಸಿಸ್ ಲಕ್ಷಣಗಳು: ಪೆರೆಸಿಸ್ ದೇಹದ ಯಾವ ಭಾಗವನ್ನು ಪ್ರಭಾವಿಸುತ್ತದೆ ಎಂಬುದರ ಮೇಲೆ ಲಕ್ಷಣಗಳು ಬದಲಾಗುತ್ತವೆ. ಸಾಮಾನ್ಯವಾಗಿ ನಡೆಯಲು ಕಷ್ಟವಾಗುವುದು, ಕೈಗಳಲ್ಲಿ ಹಿಡಿತ ಕಡಿಮೆಯಾಗುವುದು, ಮುಖದ ಒಂದು ಭಾಗ ಜೋತು ಬೀಳುವುದು ಮತ್ತು ಮಾತನಾಡಲು ತೊಂದರೆ ಕಂಡುಬರುತ್ತದೆ.
ಕಣ್ಣು ಮುಚ್ಚಲು ಅಥವಾ ನಗಲು ಕಷ್ಟವಾಗಬಹುದು. ಕೆಲವರಿಗೆ ಅಂಗಗಳಲ್ಲಿ ಬಿಗಿತ, ಜುಮುಗುಟ್ಟುವಿಕೆ ಅಥವಾ ಸಂವೇದನೆ ಕಡಿಮೆಯಾಗುವುದು ಕೂಡ ಕಾಣಿಸಿಕೊಳ್ಳಬಹುದು. ಪೆರೆಸಿಸ್ ಗೆ ಚಿಕಿತ್ಸೆ: ಪೆರೆಸಿಸ್‌ನ ಚಿಕಿತ್ಸೆ ಸಂಪೂರ್ಣವಾಗಿ ಅದರ ಮೂಲ ಕಾರಣದ ಮೇಲೆ ಅವಲಂಬಿತವಾಗಿರುತ್ತದೆ. ಸ್ಟ್ರೋಕ್‌ನಿಂದ ಬಂದಿದ್ದರೆ ತಕ್ಷಣ ಚಿಕಿತ್ಸೆ ನೀಡುವುದು ಬಹಳ ಮುಖ್ಯ. ಫಿಸಿಯೋಥೆರಪಿ ಮತ್ತು ವ್ಯಾಯಾಮಗಳು ಸ್ನಾಯುಗಳ ಶಕ್ತಿಯನ್ನು ಮರಳಿ ಪಡೆಯಲು ಸಹಾಯ ಮಾಡುತ್ತವೆ. ಔಷಧಗಳು ಮತ್ತು ಕೆಲವು ಸಂದರ್ಭಗಳಲ್ಲಿ ಶಸ್ತ್ರಚಿಕಿತ್ಸೆ ಅಗತ್ಯವಾಗಬಹುದು. ಪೆರೆಸಿಸ್ ತಡೆಯುವುದು ಹೇಗೆ? ಆರೋಗ್ಯಕರ ಆಹಾರ ಸೇವನೆ, ನಿಯಮಿತ ವ್ಯಾಯಾಮ, ರಕ್ತದೊತ್ತಡ ಮತ್ತು ಮಧುಮೇಹ ನಿಯಂತ್ರಣ ಇವು ಪ್ರಮುಖ.
ಧೂಮಪಾನ ಮತ್ತು ಮದ್ಯಪಾನ ತ್ಯಜಿಸಿದರೆ ನರಮಂಡಲ ದೃಢಗೊಳ್ಳುತ್ತದೆ. ಪೋಲಿಯೋ ಹಾವಳಿಯನ್ನು ತಡೆಯಲು ಲಸಿಕೆ ಅತ್ಯಂತ ಪ್ರಮುಖವಾಗಿದೆ. ಮಲ್ಟಿಪಲ್ ಸ್ಕ್ಲೆರೋಸಿಸ್ ಅಥವಾ ಆಟೋಇಮ್ಯೂನ್ ಕಾಯಿಲೆಗಳನ್ನು ಮೊದಲ ಹಂತದಲ್ಲೇ ಪತ್ತೆಹಚ್ಚಿ ಚಿಕಿತ್ಸೆ ನೀಡುವುದರಿಂದ ಅದರ ಪರಿಣಾಮಗಳನ್ನು ಕಡಿಮೆ ಮಾಡಬಹುದು. ಪೆರೆಸಿಸ್ ರೋಗಿಗಳಿಗೆ ಮಾನಸಿಕ ಬೆಂಬಲ ಅಗತ್ಯ: ಪೆರೆಸಿಸ್ ರೋಗಿಗಳು ನಿರಾಶೆ, ಹತಾಶೆ ಅಥವಾ ಖಿನ್ನತೆಯಿಂದ ಬಳಲಬಹುದು. ಕುಟುಂಬದವರ ಪ್ರೀತಿ ಮತ್ತು ಸಮಾಜದ ಬೆಂಬಲ ಅವರ ಚೇತರಿಕೆಗೆ ಬಹಳ ಮುಖ್ಯ. ಯೋಗ, ಧ್ಯಾನ ಮತ್ತು ಸಕಾರಾತ್ಮಕ ಚಿಂತನೆ ರೋಗಿಗಳಿಗೆ ಸಹಾಯ ಮಾಡುತ್ತದೆ. ಆಧುನಿಕ ತಂತ್ರಜ್ಞಾನ, ರೋಬೋಟಿಕ್ ಥೆರಪಿ ಮತ್ತು ವಿಶೇಷ ಸಾಧನಗಳು ಚೇತರಿಕೆಗೆ ನೆರವಾಗುತ್ತವೆ. ಒಟ್ಟಾರೆ, ಪೆರೆಸಿಸ್ ಸಂಪೂರ್ಣ ಪಾರ್ಶ್ವವಾಯು ಅಲ್ಲ. ಸರಿಯಾದ ಸಮಯದಲ್ಲಿ ಚಿಕಿತ್ಸೆ ಪಡೆದರೆ ಬಹಳಷ್ಟು ರೋಗಿಗಳು ಚೇತರಿಸಿಕೊಳ್ಳಬಹುದು. ಆದ್ದರಿಂದ ಲಕ್ಷಣಗಳು ಕಾಣಿಸಿಕೊಂಡ ತಕ್ಷಣ ವೈದ್ಯರನ್ನು ಸಂಪರ್ಕಿಸುವುದು ಅತ್ಯಗತ್ಯ.
